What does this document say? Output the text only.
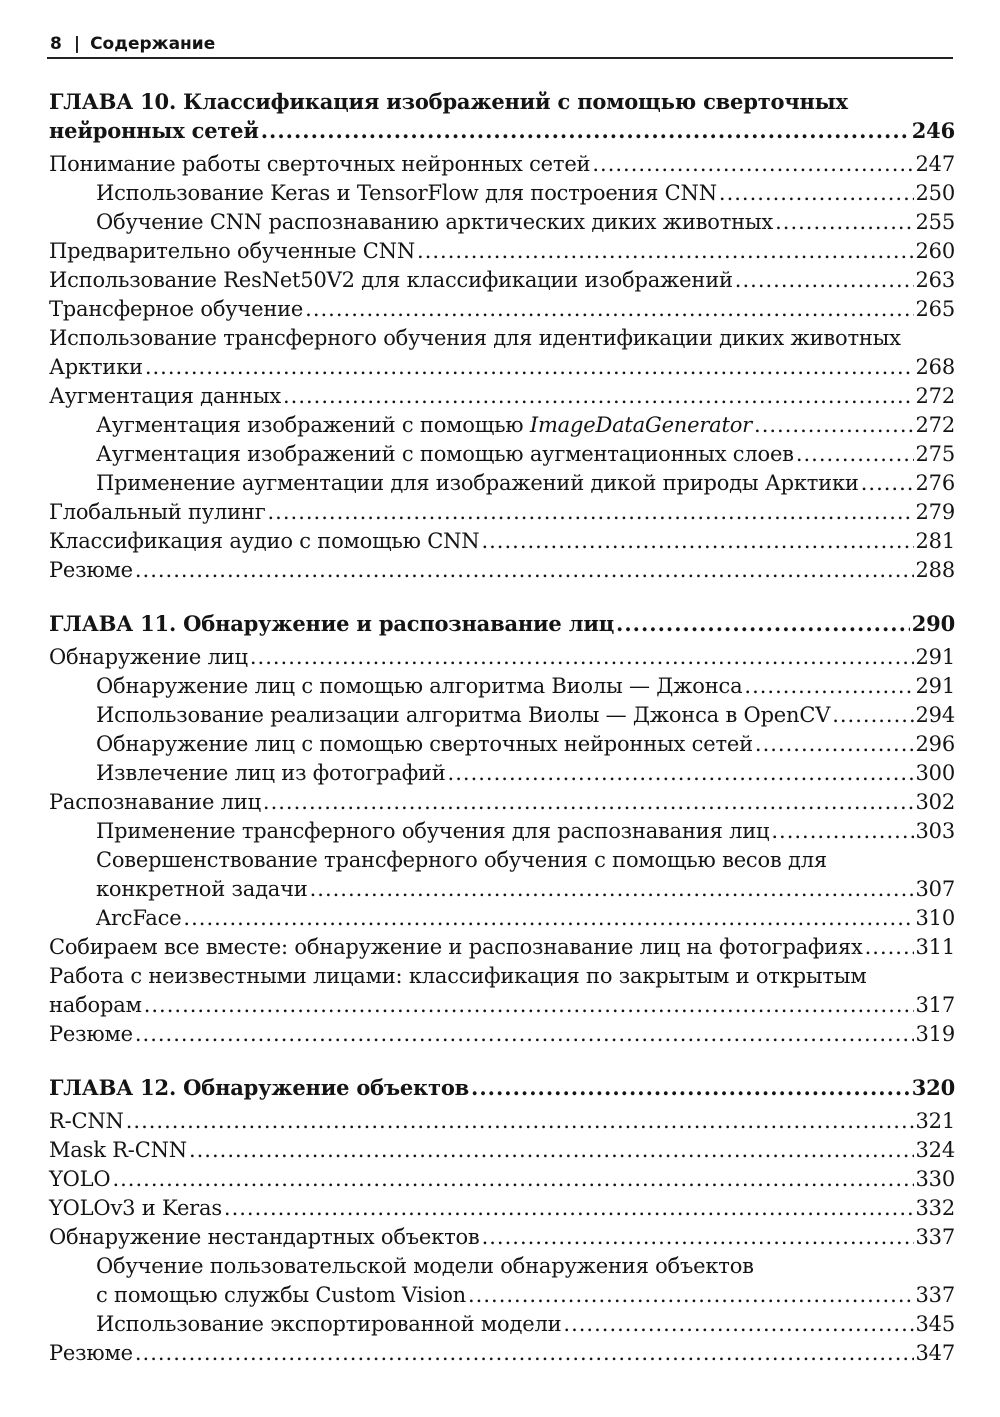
8 | Содержание
ГЛАВА 10. Классификация изображений с помощью сверточных
нейронных сетей .....	246
Понимание работы сверточных нейронных сетей .....	247
Использование Keras и TensorFlow для построения CNN .....	250
Обучение CNN распознаванию арктических диких животных .....	255
Предварительно обученные CNN .....	260
Использование ResNet50V2 для классификации изображений .....	263
Трансферное обучение .....	265
Использование трансферного обучения для идентификации диких животных
Арктики .....	268
Аугментация данных .....	272
Аугментация изображений с помощью ImageDataGenerator .....	272
Аугментация изображений с помощью аугментационных слоев .....	275
Применение аугментации для изображений дикой природы Арктики .....	276
Глобальный пулинг .....	279
Классификация аудио с помощью CNN .....	281
Резюме .....	288
ГЛАВА 11. Обнаружение и распознавание лиц .....	290
Обнаружение лиц .....	291
Обнаружение лиц с помощью алгоритма Виолы — Джонса .....	291
Использование реализации алгоритма Виолы — Джонса в OpenCV .....	294
Обнаружение лиц с помощью сверточных нейронных сетей .....	296
Извлечение лиц из фотографий .....	300
Распознавание лиц .....	302
Применение трансферного обучения для распознавания лиц .....	303
Совершенствование трансферного обучения с помощью весов для
конкретной задачи .....	307
ArcFace .....	310
Собираем все вместе: обнаружение и распознавание лиц на фотографиях .....	311
Работа с неизвестными лицами: классификация по закрытым и открытым
наборам .....	317
Резюме .....	319
ГЛАВА 12. Обнаружение объектов .....	320
R-CNN .....	321
Mask R-CNN .....	324
YOLO .....	330
YOLOv3 и Keras .....	332
Обнаружение нестандартных объектов .....	337
Обучение пользовательской модели обнаружения объектов
с помощью службы Custom Vision .....	337
Использование экспортированной модели .....	345
Резюме .....	347
